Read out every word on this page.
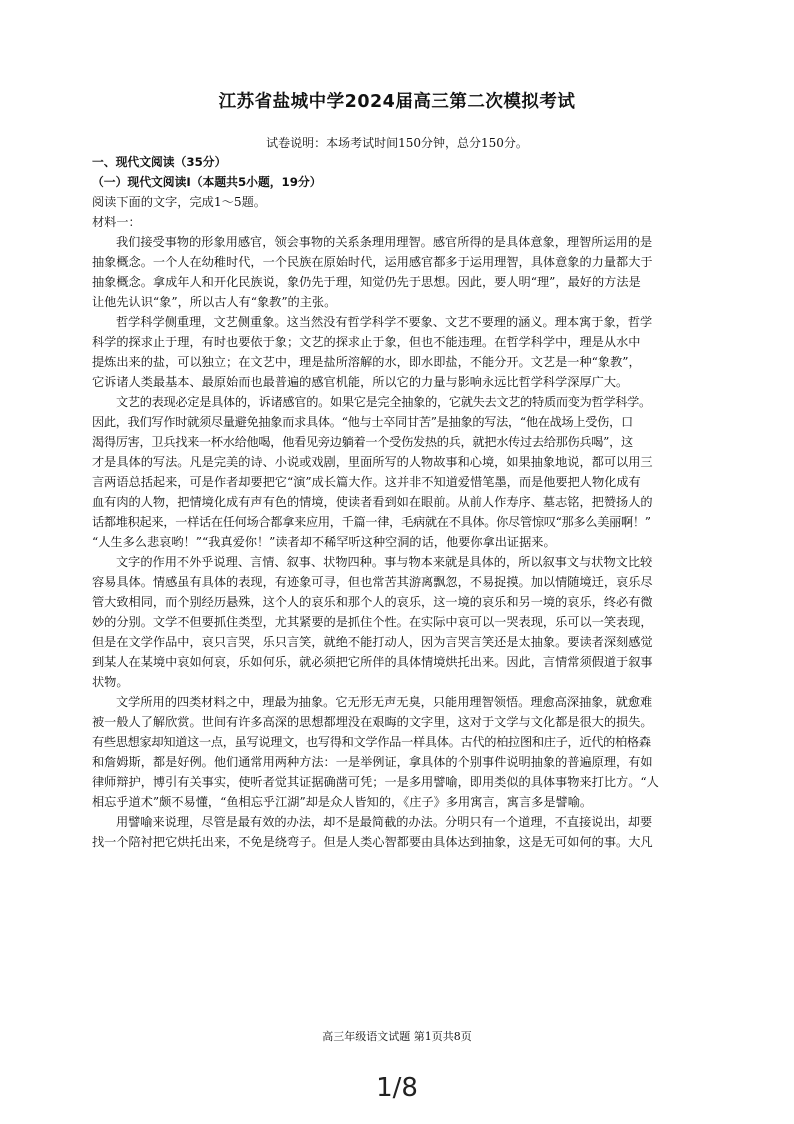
江苏省盐城中学2024届高三第二次模拟考试
试卷说明：本场考试时间150分钟，总分150分。
一、现代文阅读（35分）
（一）现代文阅读Ⅰ（本题共5小题，19分）
阅读下面的文字，完成1～5题。
材料一：
我们接受事物的形象用感官，领会事物的关系条理用理智。感官所得的是具体意象，理智所运用的是
抽象概念。一个人在幼稚时代，一个民族在原始时代，运用感官都多于运用理智，具体意象的力量都大于
抽象概念。拿成年人和开化民族说，象仍先于理，知觉仍先于思想。因此，要人明“理”，最好的方法是
让他先认识“象”，所以古人有“象教”的主张。
哲学科学侧重理，文艺侧重象。这当然没有哲学科学不要象、文艺不要理的涵义。理本寓于象，哲学
科学的探求止于理，有时也要依于象；文艺的探求止于象，但也不能违理。在哲学科学中，理是从水中
提炼出来的盐，可以独立；在文艺中，理是盐所溶解的水，即水即盐，不能分开。文艺是一种“象教”，
它诉诸人类最基本、最原始而也最普遍的感官机能，所以它的力量与影响永远比哲学科学深厚广大。
文艺的表现必定是具体的，诉诸感官的。如果它是完全抽象的，它就失去文艺的特质而变为哲学科学。
因此，我们写作时就须尽量避免抽象而求具体。“他与士卒同甘苦”是抽象的写法，“他在战场上受伤，口
渴得厉害，卫兵找来一杯水给他喝，他看见旁边躺着一个受伤发热的兵，就把水传过去给那伤兵喝”，这
才是具体的写法。凡是完美的诗、小说或戏剧，里面所写的人物故事和心境，如果抽象地说，都可以用三
言两语总括起来，可是作者却要把它“演”成长篇大作。这并非不知道爱惜笔墨，而是他要把人物化成有
血有肉的人物，把情境化成有声有色的情境，使读者看到如在眼前。从前人作寿序、墓志铭，把赞扬人的
话都堆积起来，一样话在任何场合都拿来应用，千篇一律，毛病就在不具体。你尽管惊叹“那多么美丽啊！”
“人生多么悲哀哟！”“我真爱你！”读者却不稀罕听这种空洞的话，他要你拿出证据来。
文字的作用不外乎说理、言情、叙事、状物四种。事与物本来就是具体的，所以叙事文与状物文比较
容易具体。情感虽有具体的表现，有迹象可寻，但也常苦其游离飘忽，不易捉摸。加以情随境迁，哀乐尽
管大致相同，而个别经历悬殊，这个人的哀乐和那个人的哀乐，这一境的哀乐和另一境的哀乐，终必有微
妙的分别。文学不但要抓住类型，尤其紧要的是抓住个性。在实际中哀可以一哭表现，乐可以一笑表现，
但是在文学作品中，哀只言哭，乐只言笑，就绝不能打动人，因为言哭言笑还是太抽象。要读者深刻感觉
到某人在某境中哀如何哀，乐如何乐，就必须把它所伴的具体情境烘托出来。因此，言情常须假道于叙事
状物。
文学所用的四类材料之中，理最为抽象。它无形无声无臭，只能用理智领悟。理愈高深抽象，就愈难
被一般人了解欣赏。世间有许多高深的思想都埋没在艰晦的文字里，这对于文学与文化都是很大的损失。
有些思想家却知道这一点，虽写说理文，也写得和文学作品一样具体。古代的柏拉图和庄子，近代的柏格森
和詹姆斯，都是好例。他们通常用两种方法：一是举例证，拿具体的个别事件说明抽象的普遍原理，有如
律师辩护，博引有关事实，使听者觉其证据确凿可凭；一是多用譬喻，即用类似的具体事物来打比方。“人
相忘乎道术”颇不易懂，“鱼相忘乎江湖”却是众人皆知的，《庄子》多用寓言，寓言多是譬喻。
用譬喻来说理，尽管是最有效的办法，却不是最简截的办法。分明只有一个道理，不直接说出，却要
找一个陪衬把它烘托出来，不免是绕弯子。但是人类心智都要由具体达到抽象，这是无可如何的事。大凡
高三年级语文试题 第1页共8页
1/8
